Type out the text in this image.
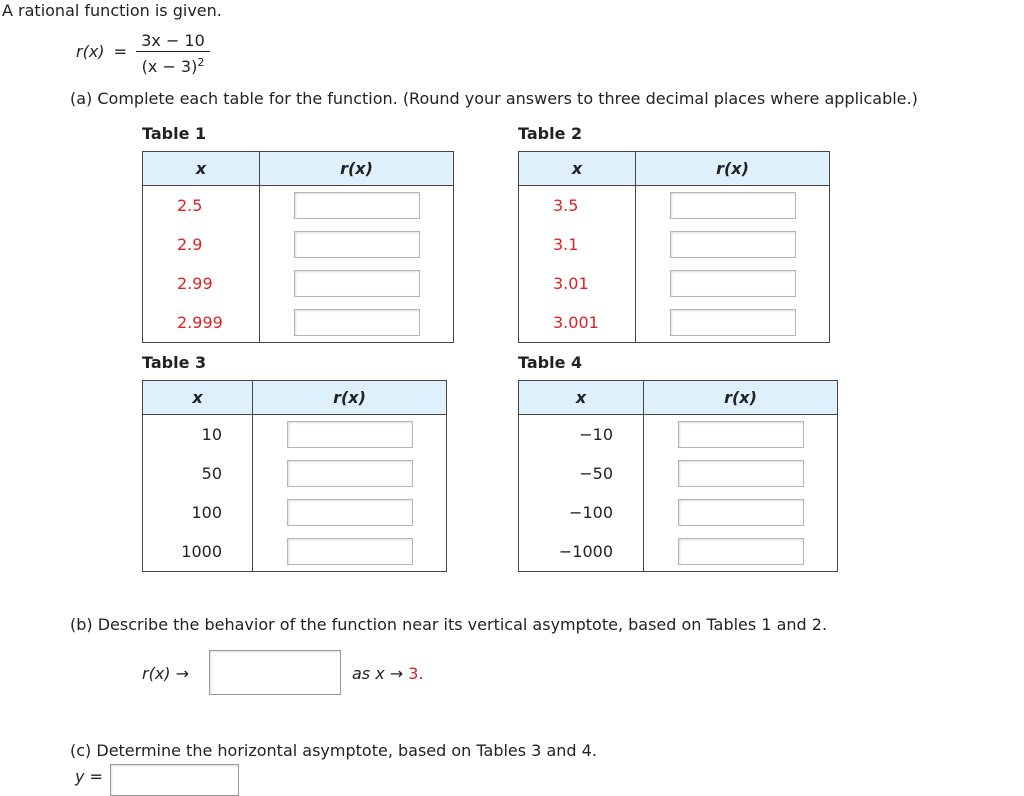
A rational function is given.
r(x) =
3x − 10
$(x - 3)^2$
(a) Complete each table for the function. (Round your answers to three decimal places where applicable.)
Table 1	Table 2
Table 3	Table 4
x	r(x)
2.5	
2.9	
2.99	
2.999	
x	r(x)
3.5	
3.1	
3.01	
3.001	
x	r(x)
10	
50	
100	
1000	
x	r(x)
−10	
−50	
−100	
−1000	
(b) Describe the behavior of the function near its vertical asymptote, based on Tables 1 and 2.
r(x) →	as x → 3.
(c) Determine the horizontal asymptote, based on Tables 3 and 4.
y =
